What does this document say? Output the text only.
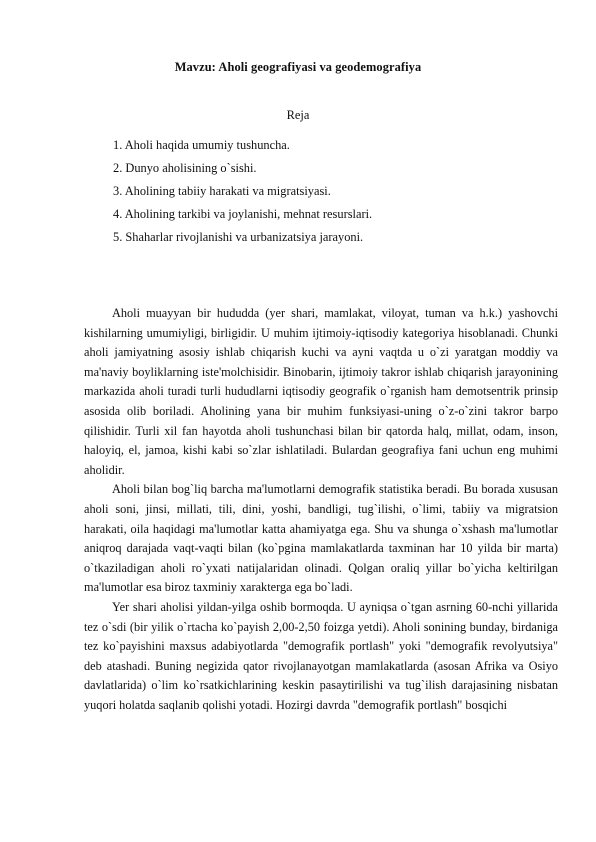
Mavzu: Aholi geografiyasi va geodemografiya
Reja
1. Aholi haqida umumiy tushuncha.
2. Dunyo aholisining o`sishi.
3. Aholining tabiiy harakati va migratsiyasi.
4. Aholining tarkibi va joylanishi, mehnat resurslari.
5. Shaharlar rivojlanishi va urbanizatsiya jarayoni.

Aholi muayyan bir hududda (yer shari, mamlakat, viloyat, tuman va h.k.) yashovchi kishilarning umumiyligi, birligidir. U muhim ijtimoiy-iqtisodiy kategoriya hisoblanadi. Chunki aholi jamiyatning asosiy ishlab chiqarish kuchi va ayni vaqtda u o`zi yaratgan moddiy va ma'naviy boyliklarning iste'molchisidir. Binobarin, ijtimoiy takror ishlab chiqarish jarayonining markazida aholi turadi turli hududlarni iqtisodiy geografik o`rganish ham demotsentrik prinsip asosida olib boriladi. Aholining yana bir muhim funksiyasi-uning o`z-o`zini takror barpo qilishidir. Turli xil fan hayotda aholi tushunchasi bilan bir qatorda halq, millat, odam, inson, haloyiq, el, jamoa, kishi kabi so`zlar ishlatiladi. Bulardan geografiya fani uchun eng muhimi aholidir.

Aholi bilan bog`liq barcha ma'lumotlarni demografik statistika beradi. Bu borada xususan aholi soni, jinsi, millati, tili, dini, yoshi, bandligi, tug`ilishi, o`limi, tabiiy va migratsion harakati, oila haqidagi ma'lumotlar katta ahamiyatga ega. Shu va shunga o`xshash ma'lumotlar aniqroq darajada vaqt-vaqti bilan (ko`pgina mamlakatlarda taxminan har 10 yilda bir marta) o`tkaziladigan aholi ro`yxati natijalaridan olinadi. Qolgan oraliq yillar bo`yicha keltirilgan ma'lumotlar esa biroz taxminiy xarakterga ega bo`ladi.

Yer shari aholisi yildan-yilga oshib bormoqda. U ayniqsa o`tgan asrning 60-nchi yillarida tez o`sdi (bir yilik o`rtacha ko`payish 2,00-2,50 foizga yetdi). Aholi sonining bunday, birdaniga tez ko`payishini maxsus adabiyotlarda "demografik portlash" yoki "demografik revolyutsiya" deb atashadi. Buning negizida qator rivojlanayotgan mamlakatlarda (asosan Afrika va Osiyo davlatlarida) o`lim ko`rsatkichlarining keskin pasaytirilishi va tug`ilish darajasining nisbatan yuqori holatda saqlanib qolishi yotadi. Hozirgi davrda "demografik portlash" bosqichi
